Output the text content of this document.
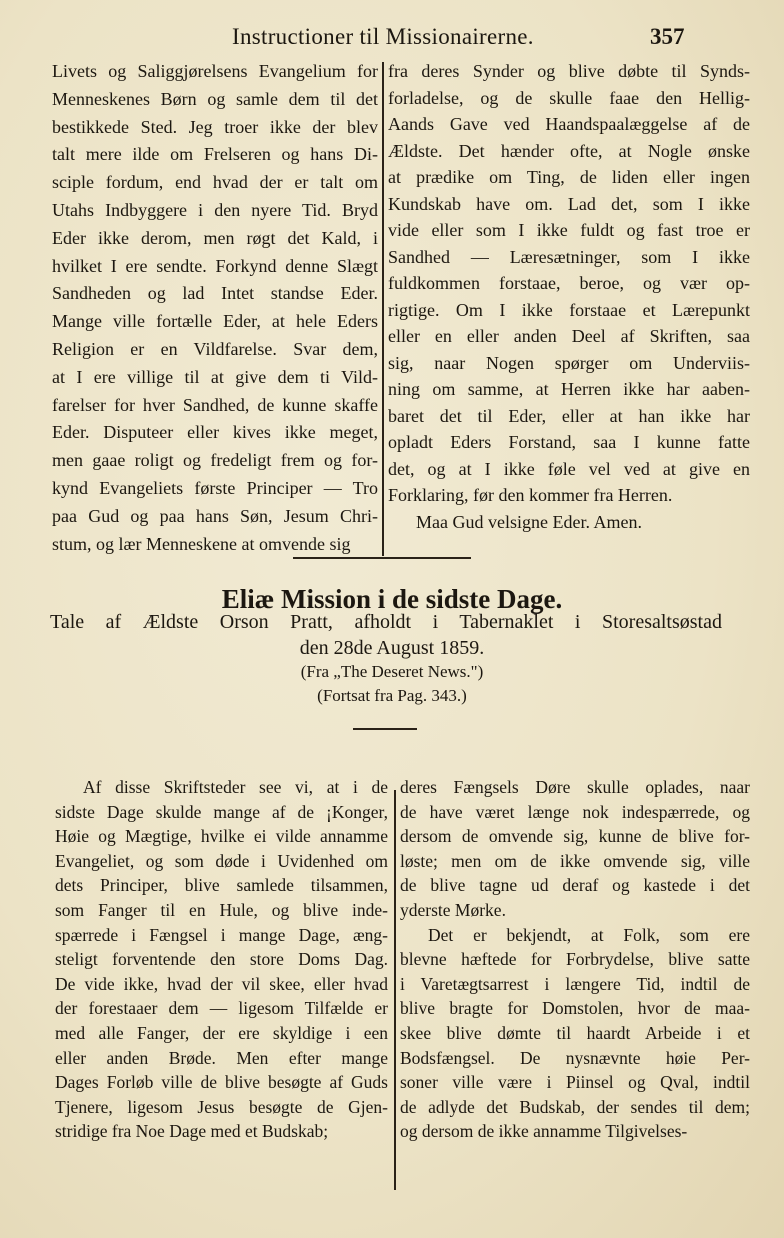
Instructioner til Missionairerne.	357
Livets og Saliggjørelsens Evangelium for
Menneskenes Børn og samle dem til det
bestikkede Sted. Jeg troer ikke der blev
talt mere ilde om Frelseren og hans Di-
sciple fordum, end hvad der er talt om
Utahs Indbyggere i den nyere Tid. Bryd
Eder ikke derom, men røgt det Kald, i
hvilket I ere sendte. Forkynd denne Slægt
Sandheden og lad Intet standse Eder.
Mange ville fortælle Eder, at hele Eders
Religion er en Vildfarelse. Svar dem,
at I ere villige til at give dem ti Vild-
farelser for hver Sandhed, de kunne skaffe
Eder. Disputeer eller kives ikke meget,
men gaae roligt og fredeligt frem og for-
kynd Evangeliets første Principer — Tro
paa Gud og paa hans Søn, Jesum Chri-
stum, og lær Menneskene at omvende sig
fra deres Synder og blive døbte til Synds-
forladelse, og de skulle faae den Hellig-
Aands Gave ved Haandspaalæggelse af de
Ældste. Det hænder ofte, at Nogle ønske
at prædike om Ting, de liden eller ingen
Kundskab have om. Lad det, som I ikke
vide eller som I ikke fuldt og fast troe er
Sandhed — Læresætninger, som I ikke
fuldkommen forstaae, beroe, og vær op-
rigtige. Om I ikke forstaae et Lærepunkt
eller en eller anden Deel af Skriften, saa
sig, naar Nogen spørger om Underviis-
ning om samme, at Herren ikke har aaben-
baret det til Eder, eller at han ikke har
opladt Eders Forstand, saa I kunne fatte
det, og at I ikke føle vel ved at give en
Forklaring, før den kommer fra Herren.
Maa Gud velsigne Eder. Amen.
Eliæ Mission i de sidste Dage.
Tale af Ældste Orson Pratt, afholdt i Tabernaklet i Storesaltsøstad
den 28de August 1859.
(Fra „The Deseret News.")
(Fortsat fra Pag. 343.)
Af disse Skriftsteder see vi, at i de
sidste Dage skulde mange af de ¡Konger,
Høie og Mægtige, hvilke ei vilde annamme
Evangeliet, og som døde i Uvidenhed om
dets Principer, blive samlede tilsammen,
som Fanger til en Hule, og blive inde-
spærrede i Fængsel i mange Dage, æng-
steligt forventende den store Doms Dag.
De vide ikke, hvad der vil skee, eller hvad
der forestaaer dem — ligesom Tilfælde er
med alle Fanger, der ere skyldige i een
eller anden Brøde. Men efter mange
Dages Forløb ville de blive besøgte af Guds
Tjenere, ligesom Jesus besøgte de Gjen-
stridige fra Noe Dage med et Budskab;
deres Fængsels Døre skulle oplades, naar
de have været længe nok indespærrede, og
dersom de omvende sig, kunne de blive for-
løste; men om de ikke omvende sig, ville
de blive tagne ud deraf og kastede i det
yderste Mørke.
Det er bekjendt, at Folk, som ere
blevne hæftede for Forbrydelse, blive satte
i Varetægtsarrest i længere Tid, indtil de
blive bragte for Domstolen, hvor de maa-
skee blive dømte til haardt Arbeide i et
Bodsfængsel. De nysnævnte høie Per-
soner ville være i Piinsel og Qval, indtil
de adlyde det Budskab, der sendes til dem;
og dersom de ikke annamme Tilgivelses-
